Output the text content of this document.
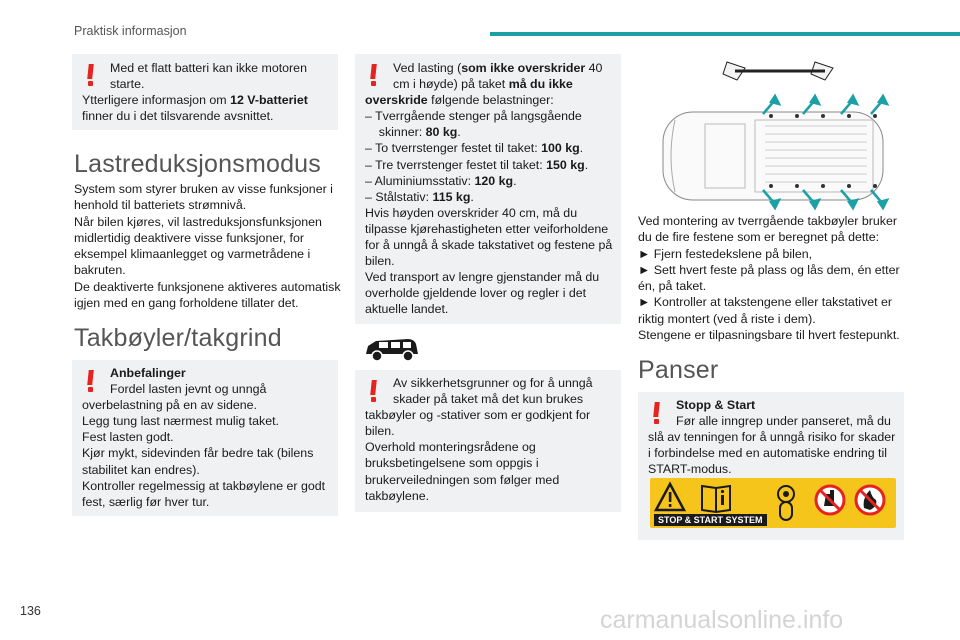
Praktisk informasjon
Med et flatt batteri kan ikke motoren
starte.
Ytterligere informasjon om 12 V-batteriet
finner du i det tilsvarende avsnittet.
Lastreduksjonsmodus
System som styrer bruken av visse funksjoner i
henhold til batteriets strømnivå.
Når bilen kjøres, vil lastreduksjonsfunksjonen
midlertidig deaktivere visse funksjoner, for
eksempel klimaanlegget og varmetrådene i
bakruten.
De deaktiverte funksjonene aktiveres automatisk
igjen med en gang forholdene tillater det.
Takbøyler/takgrind
Anbefalinger
Fordel lasten jevnt og unngå
overbelastning på en av sidene.
Legg tung last nærmest mulig taket.
Fest lasten godt.
Kjør mykt, sidevinden får bedre tak (bilens
stabilitet kan endres).
Kontroller regelmessig at takbøylene er godt
fest, særlig før hver tur.
Ved lasting (som ikke overskrider 40
cm i høyde) på taket må du ikke
overskride følgende belastninger:
– Tverrgående stenger på langsgående
skinner: 80 kg.
– To tverrstenger festet til taket: 100 kg.
– Tre tverrstenger festet til taket: 150 kg.
– Aluminiumsstativ: 120 kg.
– Stålstativ: 115 kg.
Hvis høyden overskrider 40 cm, må du
tilpasse kjørehastigheten etter veiforholdene
for å unngå å skade takstativet og festene på
bilen.
Ved transport av lengre gjenstander må du
overholde gjeldende lover og regler i det
aktuelle landet.
Av sikkerhetsgrunner og for å unngå
skader på taket må det kun brukes
takbøyler og -stativer som er godkjent for
bilen.
Overhold monteringsrådene og
bruksbetingelsene som oppgis i
brukerveiledningen som følger med
takbøylene.
Ved montering av tverrgående takbøyler bruker
du de fire festene som er beregnet på dette:
► Fjern festedekslene på bilen,
► Sett hvert feste på plass og lås dem, én etter
én, på taket.
► Kontroller at takstengene eller takstativet er
riktig montert (ved å riste i dem).
Stengene er tilpasningsbare til hvert festepunkt.
Panser
Stopp & Start
Før alle inngrep under panseret, må du
slå av tenningen for å unngå risiko for skader
i forbindelse med en automatiske endring til
START-modus.
STOP & START SYSTEM
136	carmanualsonline.info
